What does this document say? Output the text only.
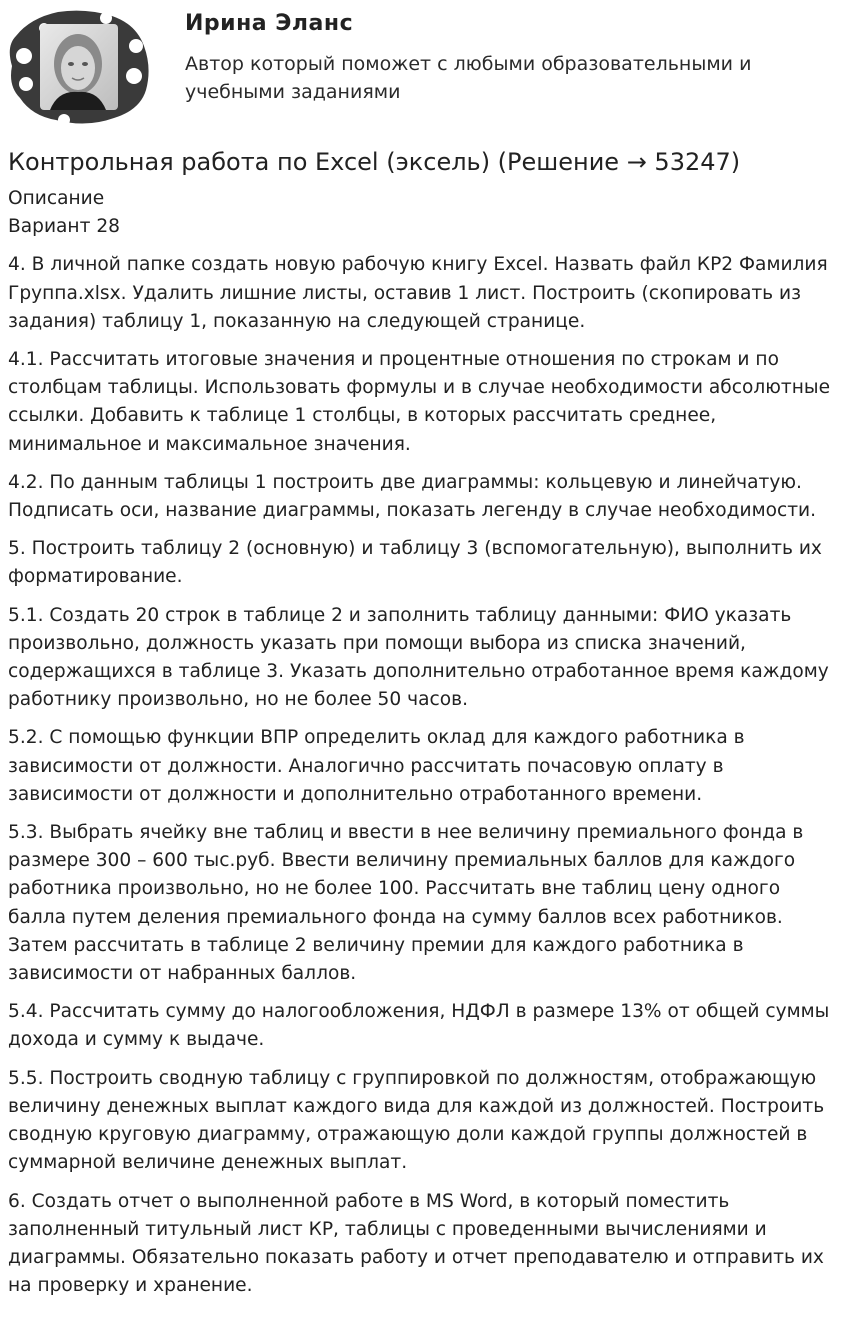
Ирина Эланс
Автор который поможет с любыми образовательными и учебными заданиями
Контрольная работа по Excel (эксель) (Решение → 53247)
Описание
Вариант 28

4. В личной папке создать новую рабочую книгу Excel. Назвать файл КР2 Фамилия Группа.xlsx. Удалить лишние листы, оставив 1 лист. Построить (скопировать из задания) таблицу 1, показанную на следующей странице.

4.1. Рассчитать итоговые значения и процентные отношения по строкам и по столбцам таблицы. Использовать формулы и в случае необходимости абсолютные ссылки. Добавить к таблице 1 столбцы, в которых рассчитать среднее, минимальное и максимальное значения.

4.2. По данным таблицы 1 построить две диаграммы: кольцевую и линейчатую. Подписать оси, название диаграммы, показать легенду в случае необходимости.

5. Построить таблицу 2 (основную) и таблицу 3 (вспомогательную), выполнить их форматирование.

5.1. Создать 20 строк в таблице 2 и заполнить таблицу данными: ФИО указать произвольно, должность указать при помощи выбора из списка значений, содержащихся в таблице 3. Указать дополнительно отработанное время каждому работнику произвольно, но не более 50 часов.

5.2. С помощью функции ВПР определить оклад для каждого работника в зависимости от должности. Аналогично рассчитать почасовую оплату в зависимости от должности и дополнительно отработанного времени.

5.3. Выбрать ячейку вне таблиц и ввести в нее величину премиального фонда в размере 300 – 600 тыс.руб. Ввести величину премиальных баллов для каждого работника произвольно, но не более 100. Рассчитать вне таблиц цену одного балла путем деления премиального фонда на сумму баллов всех работников. Затем рассчитать в таблице 2 величину премии для каждого работника в зависимости от набранных баллов.

5.4. Рассчитать сумму до налогообложения, НДФЛ в размере 13% от общей суммы дохода и сумму к выдаче.

5.5. Построить сводную таблицу с группировкой по должностям, отображающую величину денежных выплат каждого вида для каждой из должностей. Построить сводную круговую диаграмму, отражающую доли каждой группы должностей в суммарной величине денежных выплат.

6. Создать отчет о выполненной работе в MS Word, в который поместить заполненный титульный лист КР, таблицы с проведенными вычислениями и диаграммы. Обязательно показать работу и отчет преподавателю и отправить их на проверку и хранение.
